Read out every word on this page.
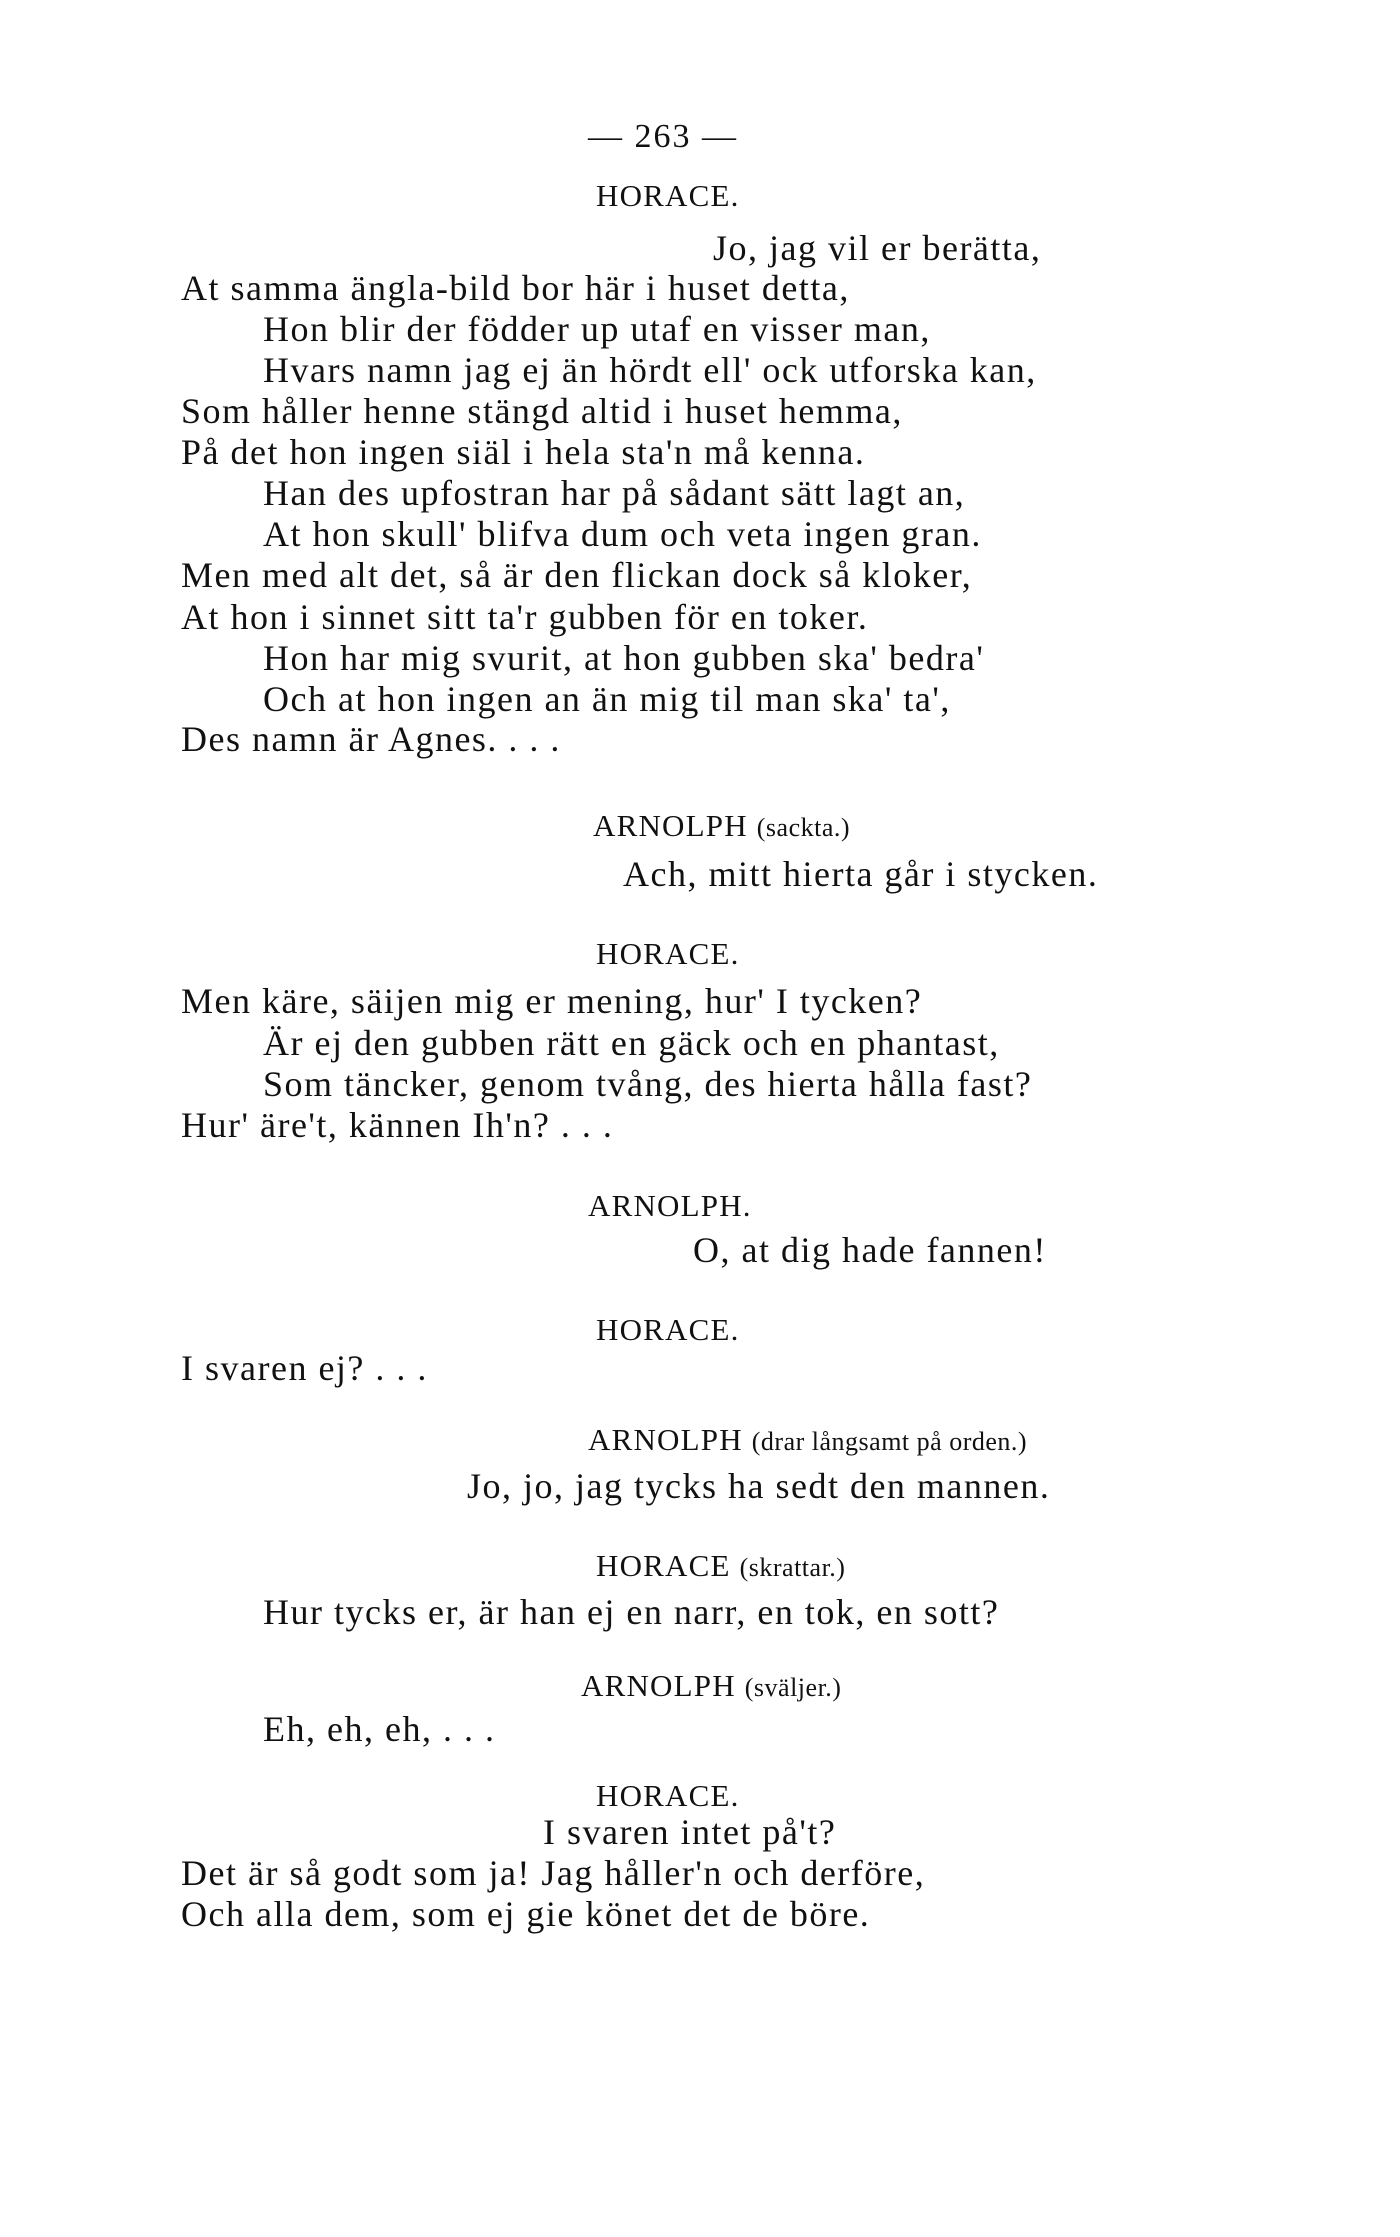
— 263 —
HORACE.
Jo, jag vil er berätta,
At samma ängla-bild bor här i huset detta,
Hon blir der födder up utaf en visser man,
Hvars namn jag ej än hördt ell' ock utforska kan,
Som håller henne stängd altid i huset hemma,
På det hon ingen siäl i hela sta'n må kenna.
Han des upfostran har på sådant sätt lagt an,
At hon skull' blifva dum och veta ingen gran.
Men med alt det, så är den flickan dock så kloker,
At hon i sinnet sitt ta'r gubben för en toker.
Hon har mig svurit, at hon gubben ska' bedra'
Och at hon ingen an än mig til man ska' ta',
Des namn är Agnes. . . .
ARNOLPH (sackta.)
Ach, mitt hierta går i stycken.
HORACE.
Men käre, säijen mig er mening, hur' I tycken?
Är ej den gubben rätt en gäck och en phantast,
Som täncker, genom tvång, des hierta hålla fast?
Hur' äre't, kännen Ih'n? . . .
ARNOLPH.
O, at dig hade fannen!
HORACE.
I svaren ej? . . .
ARNOLPH (drar långsamt på orden.)
Jo, jo, jag tycks ha sedt den mannen.
HORACE (skrattar.)
Hur tycks er, är han ej en narr, en tok, en sott?
ARNOLPH (sväljer.)
Eh, eh, eh, . . .
HORACE.
I svaren intet på't?
Det är så godt som ja! Jag håller'n och derföre,
Och alla dem, som ej gie könet det de böre.
